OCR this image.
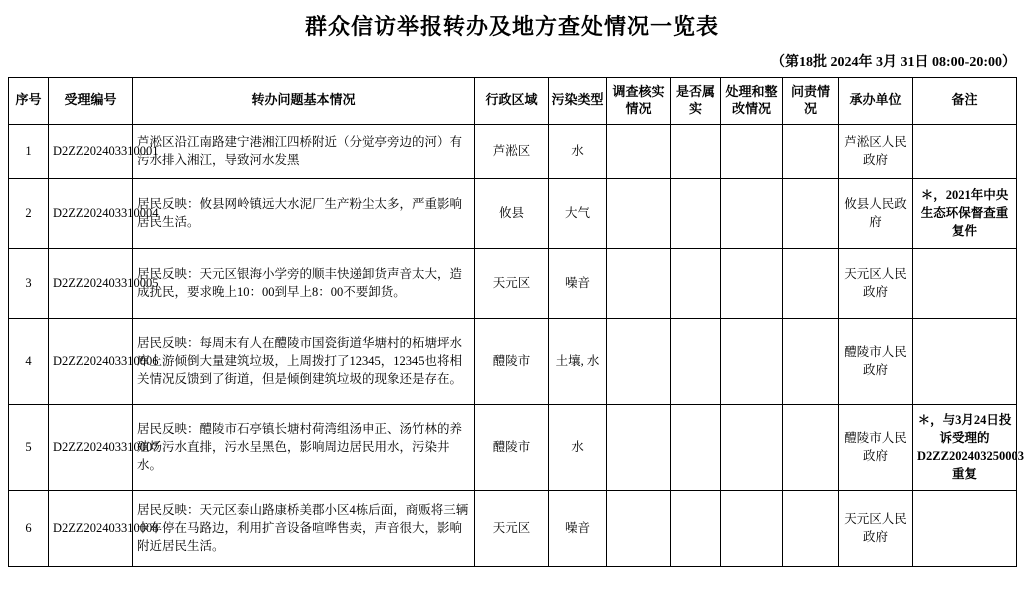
群众信访举报转办及地方查处情况一览表
（第18批 2024年 3月 31日 08:00-20:00）
序号	受理编号	转办问题基本情况	行政区域	污染类型	调查核实情况	是否属实	处理和整改情况	问责情况	承办单位	备注
1	D2ZZ202403310001	芦淞区沿江南路建宁港湘江四桥附近（分觉亭旁边的河）有污水排入湘江，导致河水发黑	芦淞区	水					芦淞区人民政府	
2	D2ZZ202403310004	居民反映：攸县网岭镇远大水泥厂生产粉尘太多，严重影响居民生活。	攸县	大气					攸县人民政府	＊，2021年中央生态环保督查重复件
3	D2ZZ202403310005	居民反映：天元区银海小学旁的顺丰快递卸货声音太大，造成扰民，要求晚上10：00到早上8：00不要卸货。	天元区	噪音					天元区人民政府	
4	D2ZZ202403310006	居民反映：每周末有人在醴陵市国瓷街道华塘村的柘塘坪水库上游倾倒大量建筑垃圾，上周拨打了12345，12345也将相关情况反馈到了街道，但是倾倒建筑垃圾的现象还是存在。	醴陵市	土壤, 水					醴陵市人民政府	
5	D2ZZ202403310007	居民反映：醴陵市石亭镇长塘村荷湾组汤申正、汤竹林的养殖场污水直排，污水呈黑色，影响周边居民用水，污染井水。	醴陵市	水					醴陵市人民政府	＊，与3月24日投诉受理的D2ZZ202403250003重复
6	D2ZZ202403310008	居民反映：天元区泰山路康桥美郡小区4栋后面，商贩将三辆卡车停在马路边，利用扩音设备喧哗售卖，声音很大，影响附近居民生活。	天元区	噪音					天元区人民政府	
